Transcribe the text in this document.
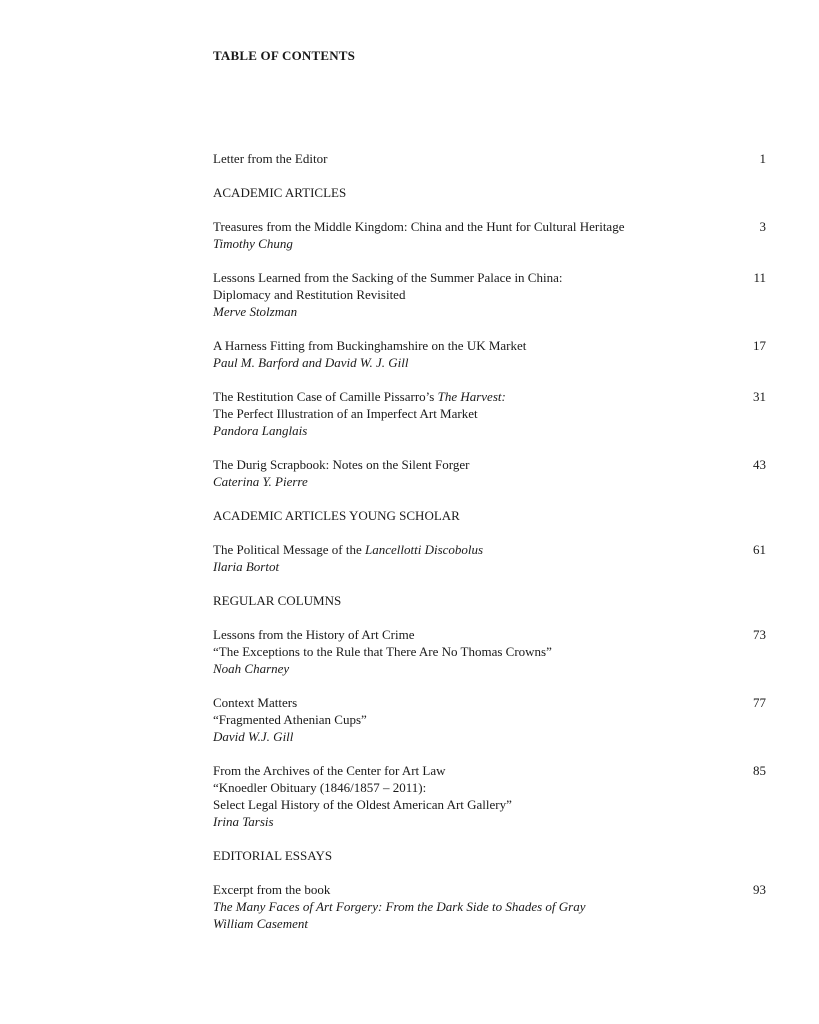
TABLE OF CONTENTS
Letter from the Editor	1
ACADEMIC ARTICLES
Treasures from the Middle Kingdom: China and the Hunt for Cultural Heritage
Timothy Chung
3
Lessons Learned from the Sacking of the Summer Palace in China:
Diplomacy and Restitution Revisited
Merve Stolzman
11
A Harness Fitting from Buckinghamshire on the UK Market
Paul M. Barford and David W. J. Gill
17
The Restitution Case of Camille Pissarro’s The Harvest:
The Perfect Illustration of an Imperfect Art Market
Pandora Langlais
31
The Durig Scrapbook: Notes on the Silent Forger
Caterina Y. Pierre
43
ACADEMIC ARTICLES YOUNG SCHOLAR
The Political Message of the Lancellotti Discobolus
Ilaria Bortot
61
REGULAR COLUMNS
Lessons from the History of Art Crime
“The Exceptions to the Rule that There Are No Thomas Crowns”
Noah Charney
73
Context Matters
“Fragmented Athenian Cups”
David W.J. Gill
77
From the Archives of the Center for Art Law
“Knoedler Obituary (1846/1857 – 2011):
Select Legal History of the Oldest American Art Gallery”
Irina Tarsis
85
EDITORIAL ESSAYS
Excerpt from the book
The Many Faces of Art Forgery: From the Dark Side to Shades of Gray
William Casement
93
